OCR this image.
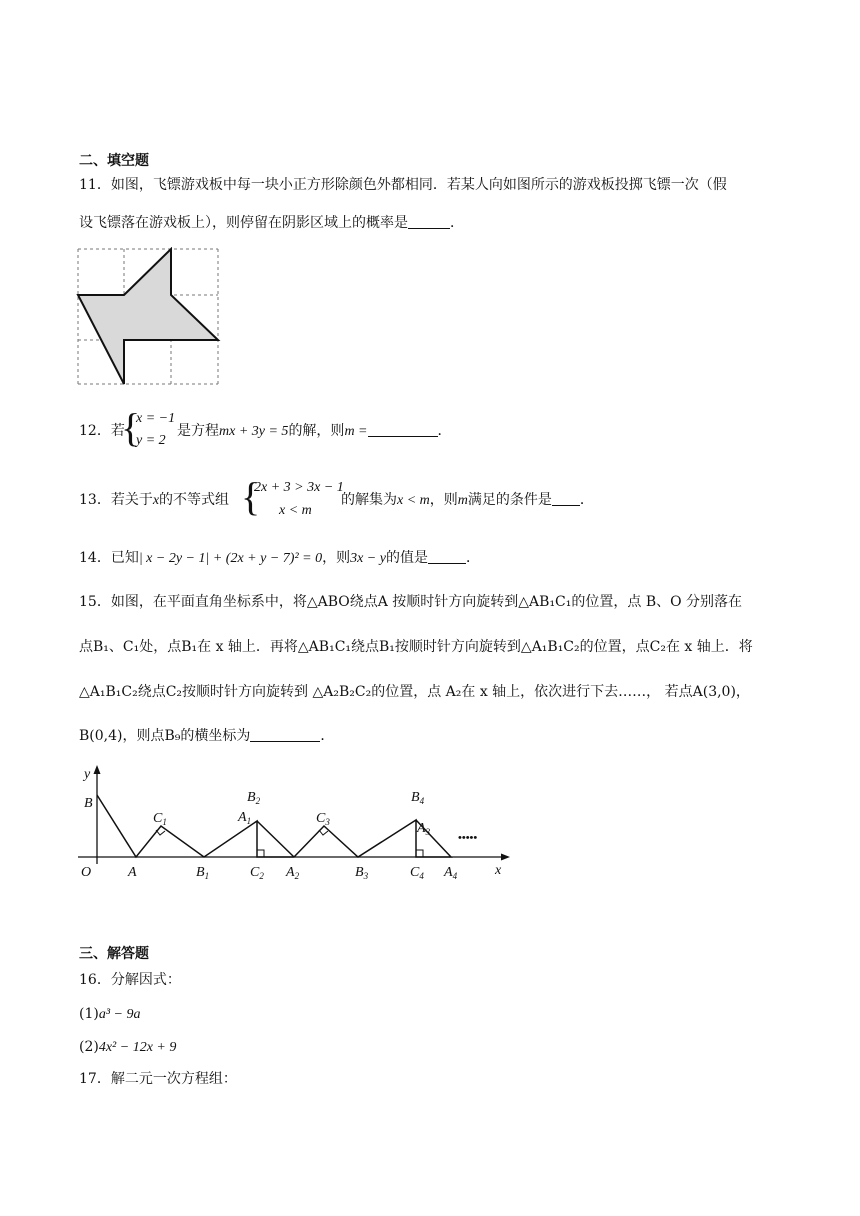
二、填空题
11．如图，飞镖游戏板中每一块小正方形除颜色外都相同．若某人向如图所示的游戏板投掷飞镖一次（假
设飞镖落在游戏板上），则停留在阴影区域上的概率是	．
12．若
{
x = −1
y = 2
是方程mx + 3y = 5的解，则m =	．
13．若关于x的不等式组 {
2x + 3 > 3x − 1
x < m
的解集为x < m，则m满足的条件是 ．
14．已知| x − 2y − 1| + (2x + y − 7)² = 0，则3x − y的值是	．
15．如图，在平面直角坐标系中，将△ABO绕点A 按顺时针方向旋转到△AB₁C₁的位置，点 B、O 分别落在
点B₁、C₁处，点B₁在 x 轴上．再将△AB₁C₁绕点B₁按顺时针方向旋转到△A₁B₁C₂的位置，点C₂在 x 轴上．将
△A₁B₁C₂绕点C₂按顺时针方向旋转到 △A₂B₂C₂的位置，点 A₂在 x 轴上，依次进行下去……， 若点A(3,0)，
B(0,4)，则点B₉的横坐标为	．
y
x
O
B
A
$C_1$
$B_1$
$B_2$
$A_1$
$C_2$ $A_2$
$C_3$
$B_3$
$B_4$
$A_3$
$C_4$ $A_4$
•••••
三、解答题
16．分解因式：
(1)a³ − 9a
(2)4x² − 12x + 9
17．解二元一次方程组：
